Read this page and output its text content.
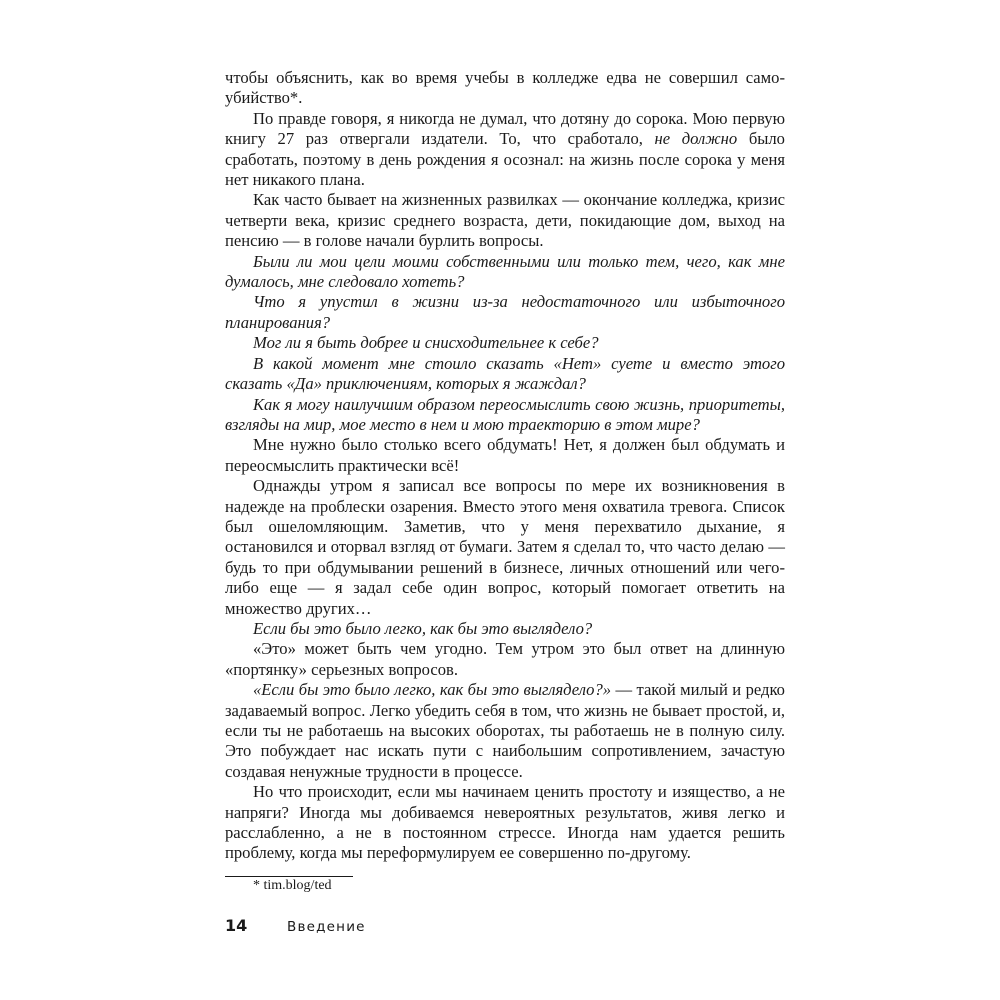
чтобы объяснить, как во время учебы в колледже едва не совершил само-убийство*.

По правде говоря, я никогда не думал, что дотяну до сорока. Мою первую книгу 27 раз отвергали издатели. То, что сработало, не должно было сработать, поэтому в день рождения я осознал: на жизнь после сорока у меня нет никакого плана.

Как часто бывает на жизненных развилках — окончание колледжа, кризис четверти века, кризис среднего возраста, дети, покидающие дом, выход на пенсию — в голове начали бурлить вопросы.

Были ли мои цели моими собственными или только тем, чего, как мне думалось, мне следовало хотеть?

Что я упустил в жизни из-за недостаточного или избыточного планирования?

Мог ли я быть добрее и снисходительнее к себе?

В какой момент мне стоило сказать «Нет» суете и вместо этого сказать «Да» приключениям, которых я жаждал?

Как я могу наилучшим образом переосмыслить свою жизнь, приоритеты, взгляды на мир, мое место в нем и мою траекторию в этом мире?

Мне нужно было столько всего обдумать! Нет, я должен был обдумать и переосмыслить практически всё!

Однажды утром я записал все вопросы по мере их возникновения в надежде на проблески озарения. Вместо этого меня охватила тревога. Список был ошеломляющим. Заметив, что у меня перехватило дыхание, я остановился и оторвал взгляд от бумаги. Затем я сделал то, что часто делаю — будь то при обдумывании решений в бизнесе, личных отношений или чего-либо еще — я задал себе один вопрос, который помогает ответить на множество других…

Если бы это было легко, как бы это выглядело?

«Это» может быть чем угодно. Тем утром это был ответ на длинную «портянку» серьезных вопросов.

«Если бы это было легко, как бы это выглядело?» — такой милый и редко задаваемый вопрос. Легко убедить себя в том, что жизнь не бывает простой, и, если ты не работаешь на высоких оборотах, ты работаешь не в полную силу. Это побуждает нас искать пути с наибольшим сопротивлением, зачастую создавая ненужные трудности в процессе.

Но что происходит, если мы начинаем ценить простоту и изящество, а не напряги? Иногда мы добиваемся невероятных результатов, живя легко и расслабленно, а не в постоянном стрессе. Иногда нам удается решить проблему, когда мы переформулируем ее совершенно по-другому.

* tim.blog/ted

14	Введение
